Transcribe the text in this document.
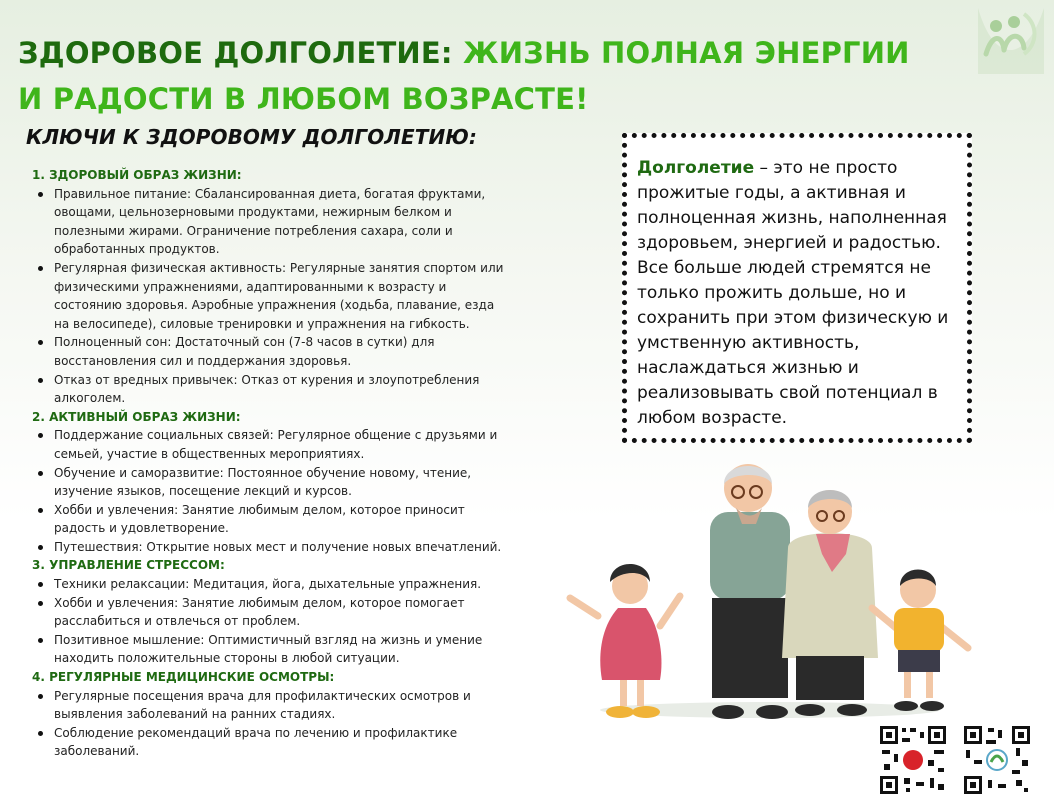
ЗДОРОВОЕ ДОЛГОЛЕТИЕ: ЖИЗНЬ ПОЛНАЯ ЭНЕРГИИ
И РАДОСТИ В ЛЮБОМ ВОЗРАСТЕ!
КЛЮЧИ К ЗДОРОВОМУ ДОЛГОЛЕТИЮ:

1. ЗДОРОВЫЙ ОБРАЗ ЖИЗНИ:

Правильное питание: Сбалансированная диета, богатая фруктами, овощами, цельнозерновыми продуктами, нежирным белком и полезными жирами. Ограничение потребления сахара, соли и обработанных продуктов.
Регулярная физическая активность: Регулярные занятия спортом или физическими упражнениями, адаптированными к возрасту и состоянию здоровья. Аэробные упражнения (ходьба, плавание, езда на велосипеде), силовые тренировки и упражнения на гибкость.
Полноценный сон: Достаточный сон (7-8 часов в сутки) для восстановления сил и поддержания здоровья.
Отказ от вредных привычек: Отказ от курения и злоупотребления алкоголем.

2. АКТИВНЫЙ ОБРАЗ ЖИЗНИ:

Поддержание социальных связей: Регулярное общение с друзьями и семьей, участие в общественных мероприятиях.
Обучение и саморазвитие: Постоянное обучение новому, чтение, изучение языков, посещение лекций и курсов.
Хобби и увлечения: Занятие любимым делом, которое приносит радость и удовлетворение.
Путешествия: Открытие новых мест и получение новых впечатлений.

3. УПРАВЛЕНИЕ СТРЕССОМ:

Техники релаксации: Медитация, йога, дыхательные упражнения.
Хобби и увлечения: Занятие любимым делом, которое помогает расслабиться и отвлечься от проблем.
Позитивное мышление: Оптимистичный взгляд на жизнь и умение находить положительные стороны в любой ситуации.

4. РЕГУЛЯРНЫЕ МЕДИЦИНСКИЕ ОСМОТРЫ:

Регулярные посещения врача для профилактических осмотров и выявления заболеваний на ранних стадиях.
Соблюдение рекомендаций врача по лечению и профилактике заболеваний.
Долголетие – это не просто прожитые годы, а активная и полноценная жизнь, наполненная здоровьем, энергией и радостью. Все больше людей стремятся не только прожить дольше, но и сохранить при этом физическую и умственную активность, наслаждаться жизнью и реализовывать свой потенциал в любом возрасте.
